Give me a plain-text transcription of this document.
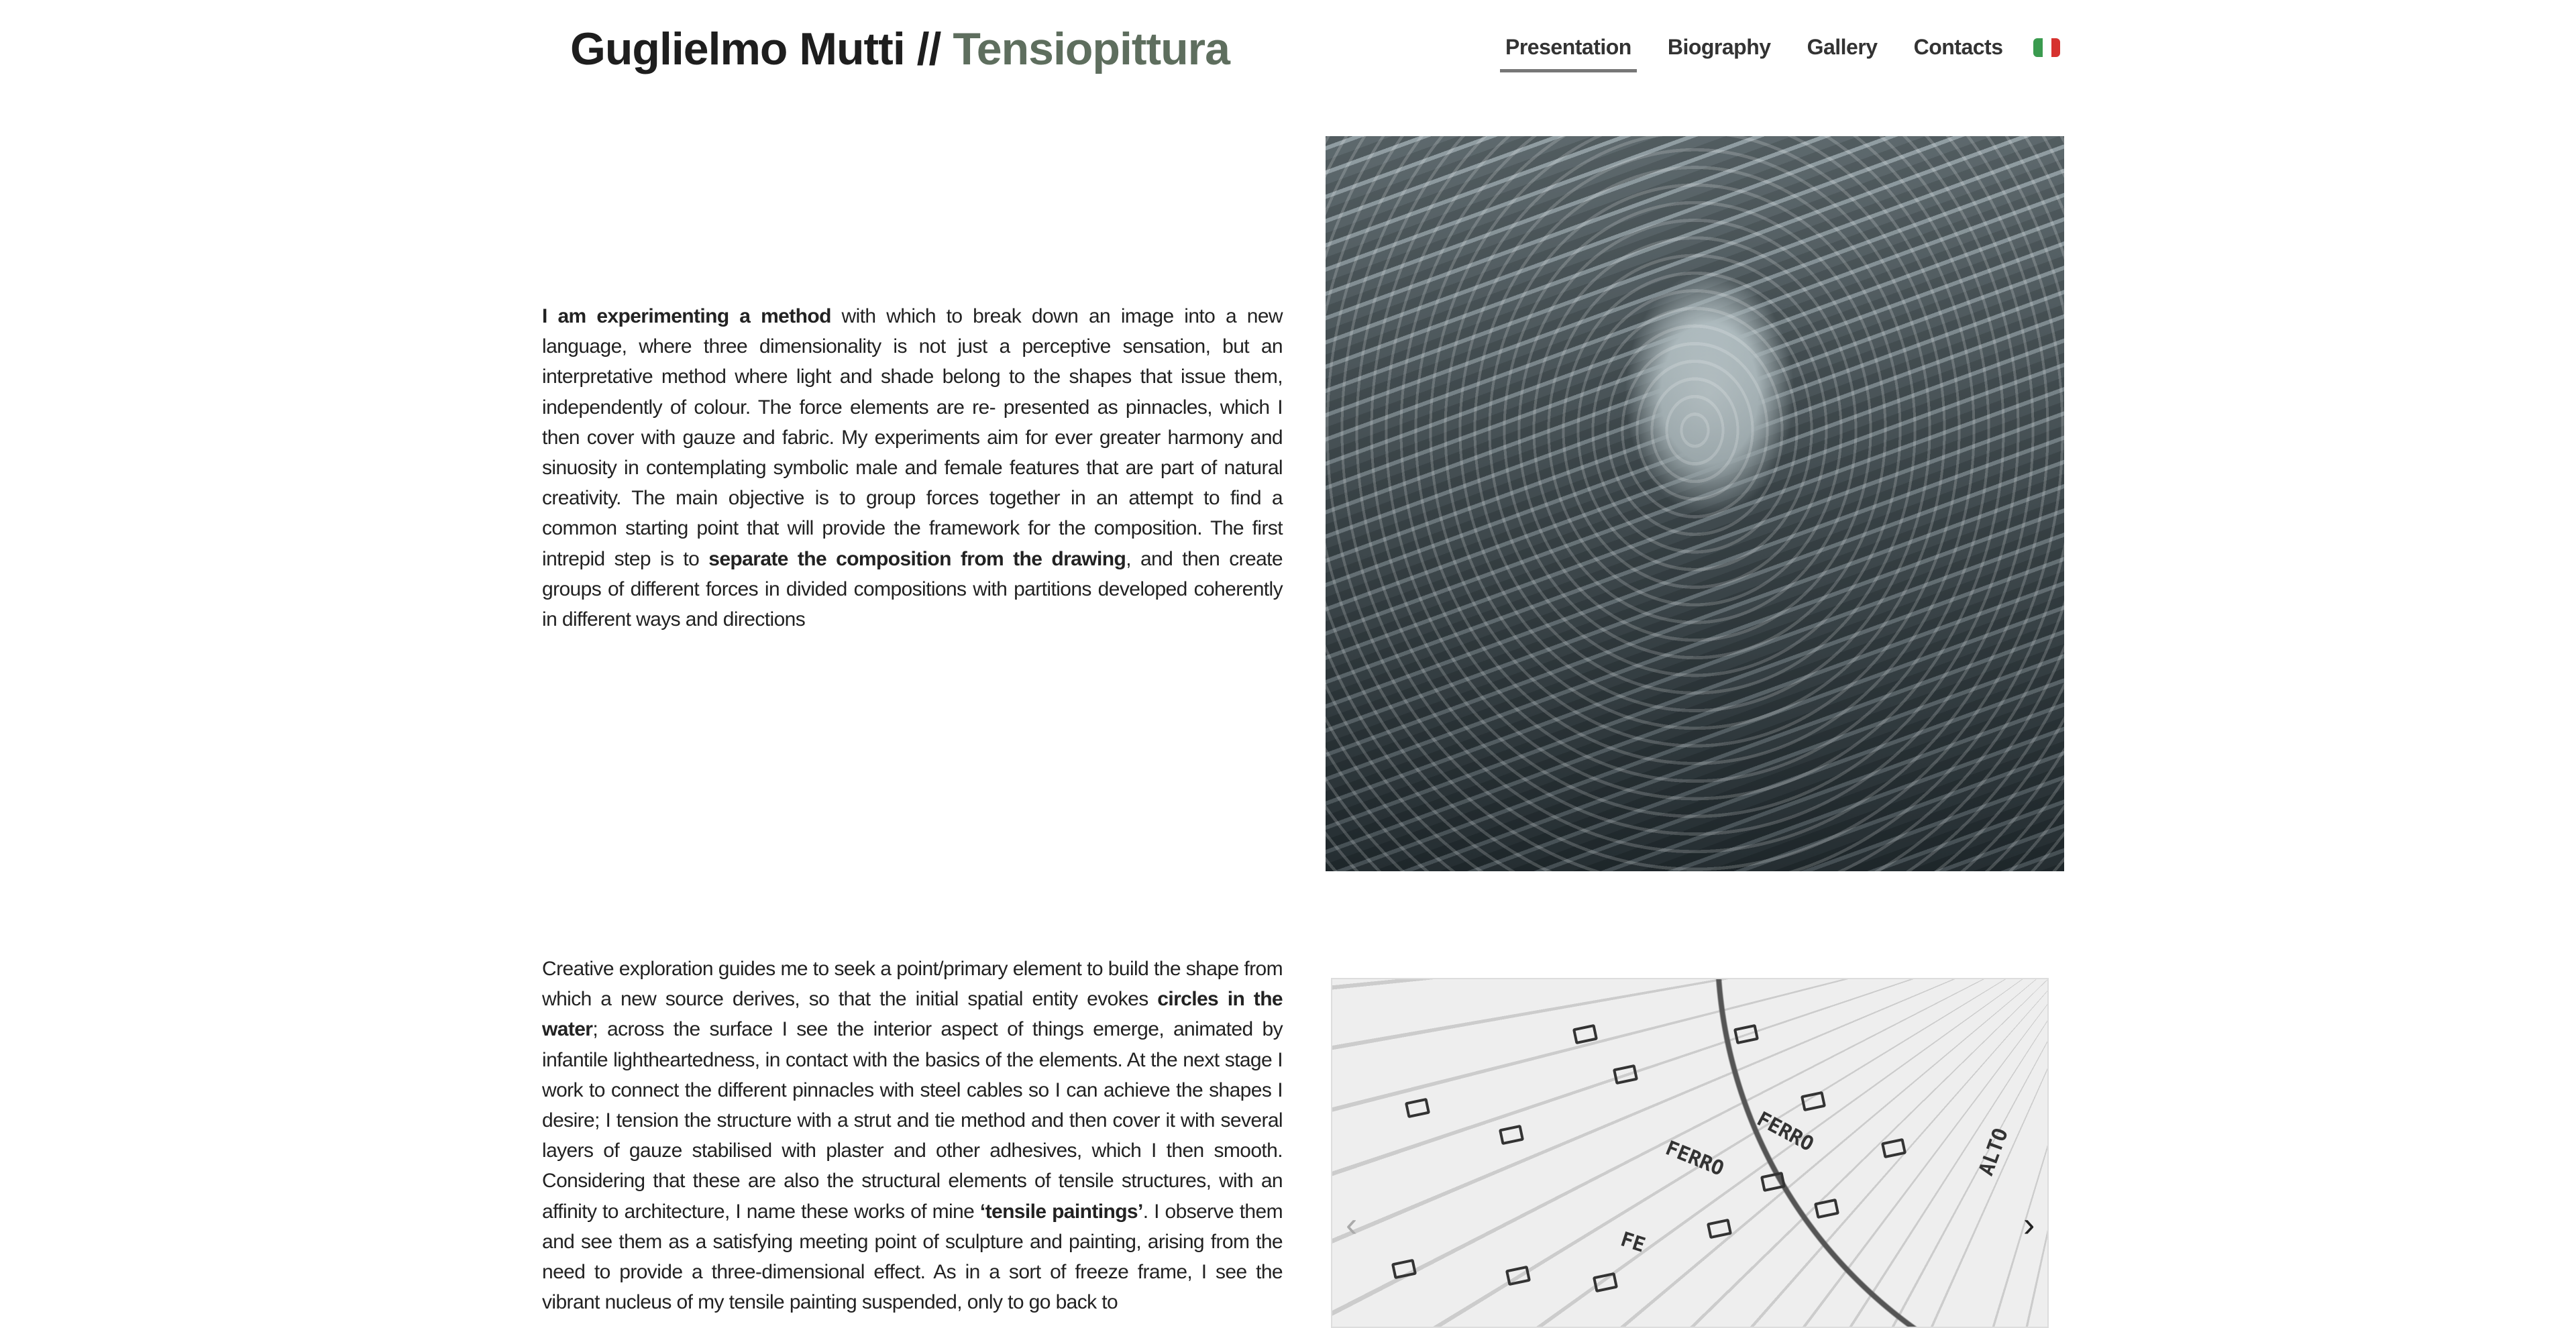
Guglielmo Mutti // Tensiopittura	Presentation Biography Gallery Contacts

I am experimenting a method with which to break down an image into a new language, where three dimensionality is not just a perceptive sensation, but an interpretative method where light and shade belong to the shapes that issue them, independently of colour. The force elements are re- presented as pinnacles, which I then cover with gauze and fabric. My experiments aim for ever greater harmony and sinuosity in contemplating symbolic male and female features that are part of natural creativity. The main objective is to group forces together in an attempt to find a common starting point that will provide the framework for the composition. The first intrepid step is to separate the composition from the drawing, and then create groups of different forces in divided compositions with partitions developed coherently in different ways and directions

Creative exploration guides me to seek a point/primary element to build the shape from which a new source derives, so that the initial spatial entity evokes circles in the water; across the surface I see the interior aspect of things emerge, animated by infantile lightheartedness, in contact with the basics of the elements. At the next stage I work to connect the different pinnacles with steel cables so I can achieve the shapes I desire; I tension the structure with a strut and tie method and then cover it with several layers of gauze stabilised with plaster and other adhesives, which I then smooth. Considering that these are also the structural elements of tensile structures, with an affinity to architecture, I name these works of mine ‘tensile paintings’. I observe them and see them as a satisfying meeting point of sculpture and painting, arising from the need to provide a three-dimensional effect. As in a sort of freeze frame, I see the vibrant nucleus of my tensile painting suspended, only to go back to

FERRO
FERRO
FE
ALTO
‹	›
